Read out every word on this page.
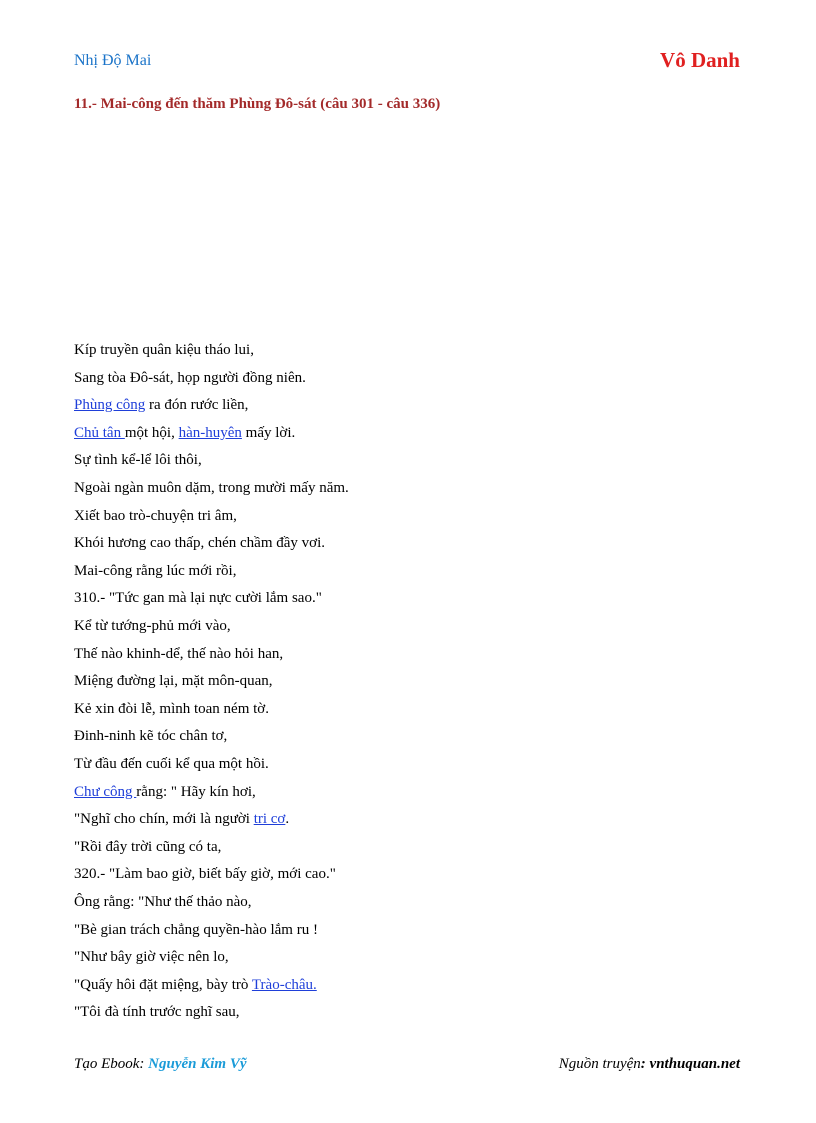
Nhị Độ Mai	Vô Danh
11.- Mai-công đến thăm Phùng Đô-sát (câu 301 - câu 336)
Kíp truyền quân kiệu tháo lui,
Sang tòa Đô-sát, họp người đồng niên.
Phùng công ra đón rước liền,
Chủ tân một hội, hàn-huyên mấy lời.
Sự tình kể-lể lôi thôi,
Ngoài ngàn muôn dặm, trong mười mấy năm.
Xiết bao trò-chuyện tri âm,
Khói hương cao thấp, chén chầm đầy vơi.
Mai-công rằng lúc mới rồi,
310.- "Tức gan mà lại nực cười lắm sao."
Kể từ tướng-phủ mới vào,
Thế nào khinh-dể, thế nào hỏi han,
Miệng đường lại, mặt môn-quan,
Kẻ xin đòi lễ, mình toan ném tờ.
Đinh-ninh kẽ tóc chân tơ,
Từ đầu đến cuối kể qua một hồi.
Chư công rằng: " Hãy kín hơi,
"Nghĩ cho chín, mới là người tri cơ.
"Rồi đây trời cũng có ta,
320.- "Làm bao giờ, biết bấy giờ, mới cao."
Ông rằng: "Như thế thảo nào,
"Bè gian trách chẳng quyền-hào lắm ru !
"Như bây giờ việc nên lo,
"Quấy hôi đặt miệng, bày trò Trào-châu.
"Tôi đà tính trước nghĩ sau,
Tạo Ebook: Nguyễn Kim Vỹ	Nguồn truyện: vnthuquan.net
